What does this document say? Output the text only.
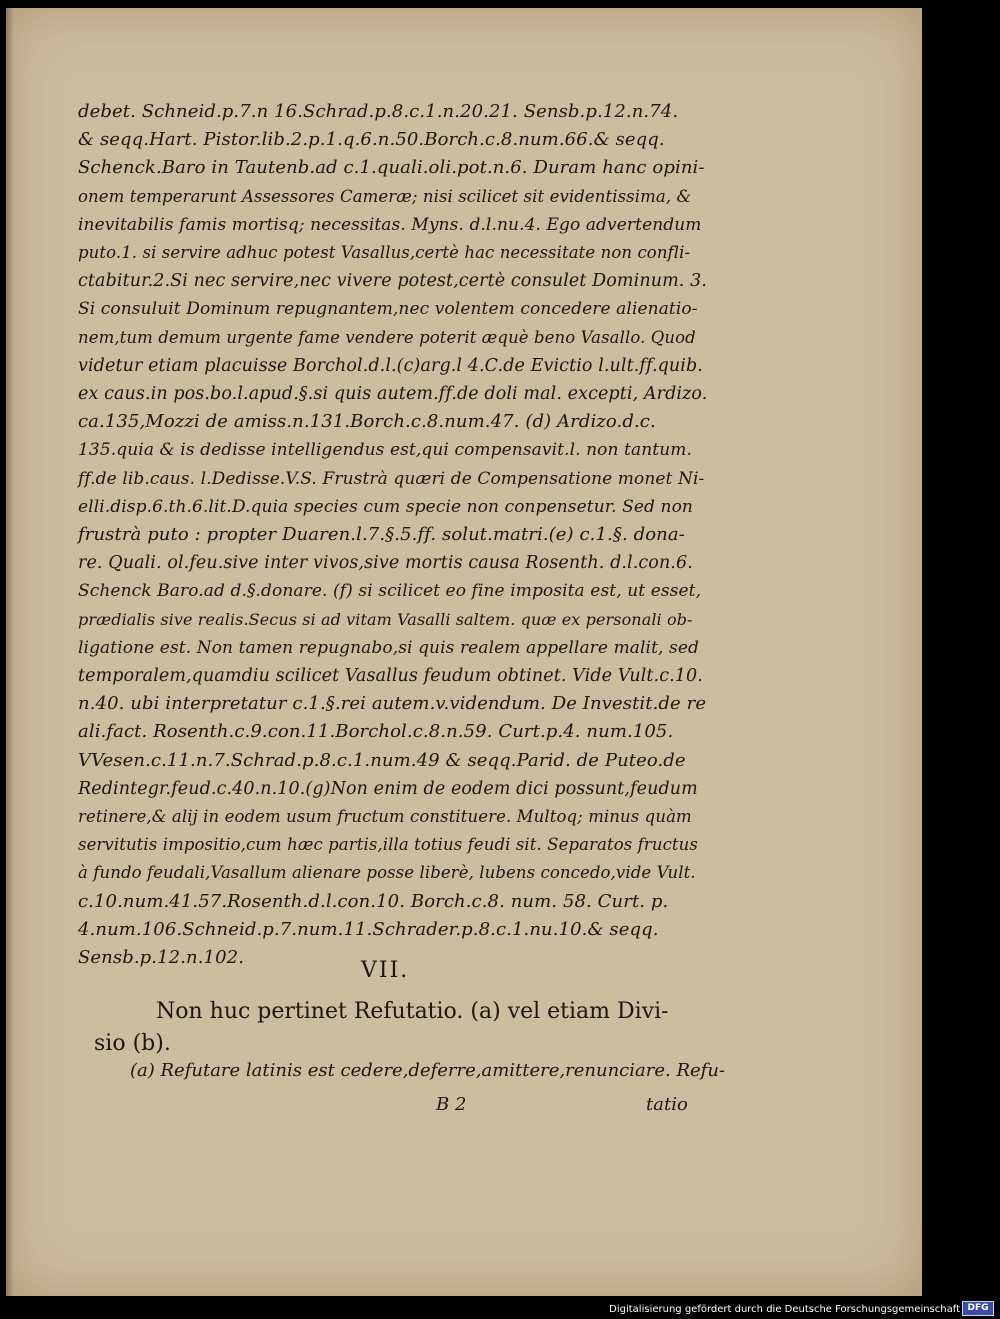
debet. Schneid.p.7.n 16.Schrad.p.8.c.1.n.20.21. Sensb.p.12.n.74.
& seqq.Hart. Pistor.lib.2.p.1.q.6.n.50.Borch.c.8.num.66.& seqq.
Schenck.Baro in Tautenb.ad c.1.quali.oli.pot.n.6. Duram hanc opini-
onem temperarunt Assessores Cameræ; nisi scilicet sit evidentissima, &
inevitabilis famis mortisq; necessitas. Myns. d.l.nu.4. Ego advertendum
puto.1. si servire adhuc potest Vasallus,certè hac necessitate non confli-
ctabitur.2.Si nec servire,nec vivere potest,certè consulet Dominum. 3.
Si consuluit Dominum repugnantem,nec volentem concedere alienatio-
nem,tum demum urgente fame vendere poterit æquè beno Vasallo. Quod
videtur etiam placuisse Borchol.d.l.(c)arg.l 4.C.de Evictio l.ult.ff.quib.
ex caus.in pos.bo.l.apud.§.si quis autem.ff.de doli mal. excepti, Ardizo.
ca.135,Mozzi de amiss.n.131.Borch.c.8.num.47. (d) Ardizo.d.c.
135.quia & is dedisse intelligendus est,qui compensavit.l. non tantum.
ff.de lib.caus. l.Dedisse.V.S. Frustrà quæri de Compensatione monet Ni-
elli.disp.6.th.6.lit.D.quia species cum specie non conpensetur. Sed non
frustrà puto : propter Duaren.l.7.§.5.ff. solut.matri.(e) c.1.§. dona-
re. Quali. ol.feu.sive inter vivos,sive mortis causa Rosenth. d.l.con.6.
Schenck Baro.ad d.§.donare. (f) si scilicet eo fine imposita est, ut esset,
prædialis sive realis.Secus si ad vitam Vasalli saltem. quæ ex personali ob-
ligatione est. Non tamen repugnabo,si quis realem appellare malit, sed
temporalem,quamdiu scilicet Vasallus feudum obtinet. Vide Vult.c.10.
n.40. ubi interpretatur c.1.§.rei autem.v.videndum. De Investit.de re
ali.fact. Rosenth.c.9.con.11.Borchol.c.8.n.59. Curt.p.4. num.105.
VVesen.c.11.n.7.Schrad.p.8.c.1.num.49 & seqq.Parid. de Puteo.de
Redintegr.feud.c.40.n.10.(g)Non enim de eodem dici possunt,feudum
retinere,& alij in eodem usum fructum constituere. Multoq; minus quàm
servitutis impositio,cum hæc partis,illa totius feudi sit. Separatos fructus
à fundo feudali,Vasallum alienare posse liberè, lubens concedo,vide Vult.
c.10.num.41.57.Rosenth.d.l.con.10. Borch.c.8. num. 58. Curt. p.
4.num.106.Schneid.p.7.num.11.Schrader.p.8.c.1.nu.10.& seqq.
Sensb.p.12.n.102.
VII.
Non huc pertinet Refutatio. (a) vel etiam Divi-
sio (b).
(a) Refutare latinis est cedere,deferre,amittere,renunciare. Refu-
B 2	tatio
Digitalisierung gefördert durch die Deutsche Forschungsgemeinschaft DFG
